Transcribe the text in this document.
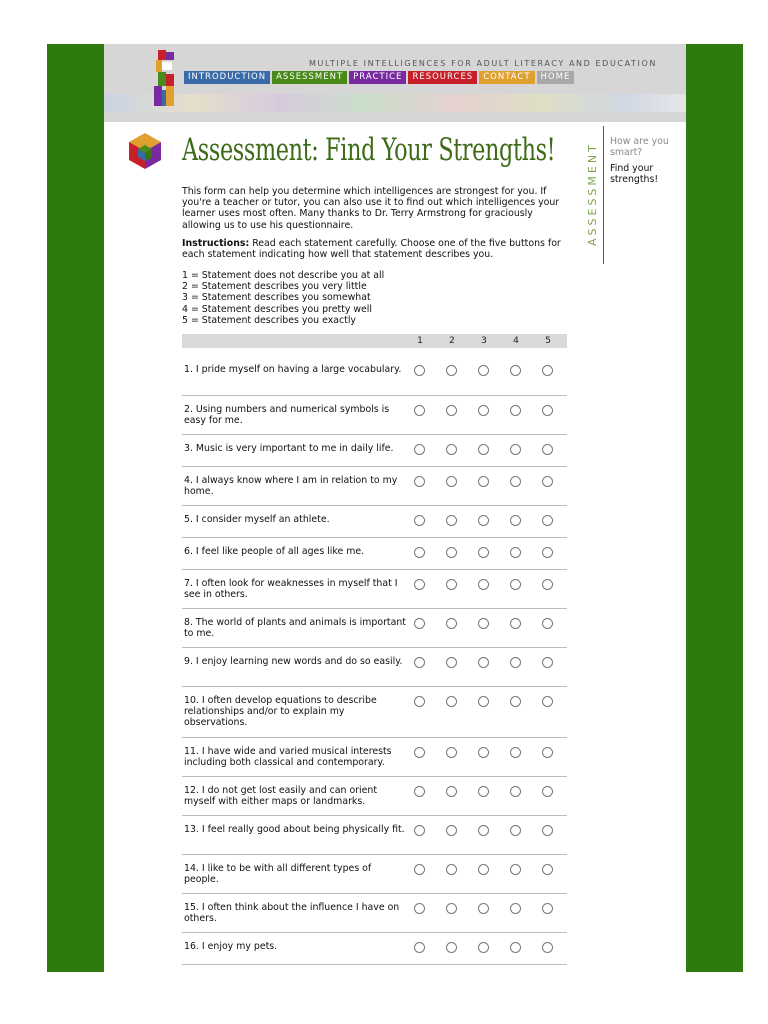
MULTIPLE INTELLIGENCES FOR ADULT LITERACY AND EDUCATION
INTRODUCTION	ASSESSMENT	PRACTICE	RESOURCES	CONTACT	HOME
Assessment: Find Your Strengths!
This form can help you determine which intelligences are strongest for you. If you're a teacher or tutor, you can also use it to find out which intelligences your learner uses most often. Many thanks to Dr. Terry Armstrong for graciously allowing us to use his questionnaire.
Instructions: Read each statement carefully. Choose one of the five buttons for each statement indicating how well that statement describes you.
1 = Statement does not describe you at all
2 = Statement describes you very little
3 = Statement describes you somewhat
4 = Statement describes you pretty well
5 = Statement describes you exactly
ASSESSMENT
How are you smart?
Find your strengths!
1	2	3	4	5
1. I pride myself on having a large vocabulary.
2. Using numbers and numerical symbols is easy for me.
3. Music is very important to me in daily life.
4. I always know where I am in relation to my home.
5. I consider myself an athlete.
6. I feel like people of all ages like me.
7. I often look for weaknesses in myself that I see in others.
8. The world of plants and animals is important to me.
9. I enjoy learning new words and do so easily.
10. I often develop equations to describe relationships and/or to explain my observations.
11. I have wide and varied musical interests including both classical and contemporary.
12. I do not get lost easily and can orient myself with either maps or landmarks.
13. I feel really good about being physically fit.
14. I like to be with all different types of people.
15. I often think about the influence I have on others.
16. I enjoy my pets.
